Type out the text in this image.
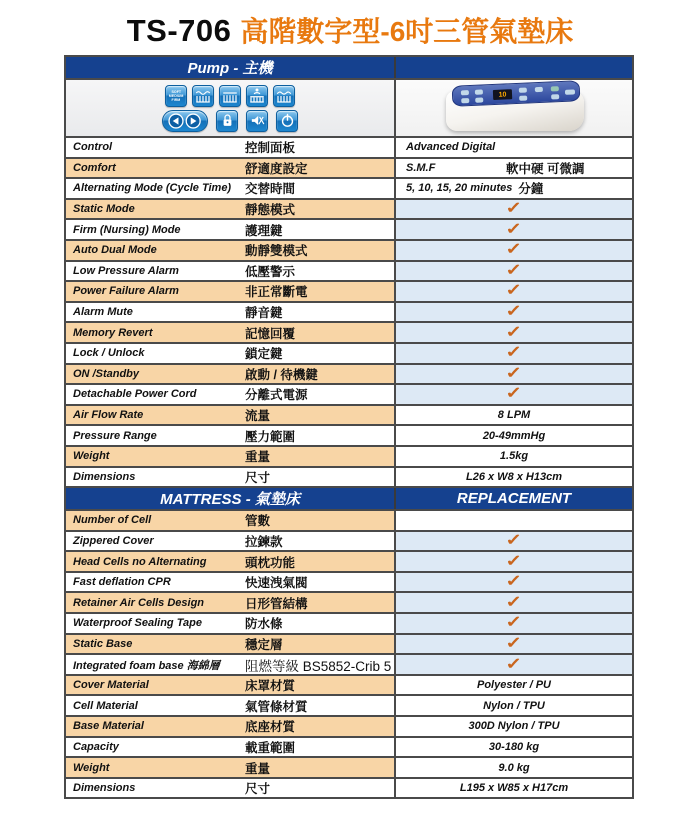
TS-706 高階數字型-6吋三管氣墊床
Pump - 主機
SOFT
MEDIUM
FIRM
10
Control	控制面板	Advanced Digital
Comfort	舒適度設定	S.M.F	軟中硬 可微調
Alternating Mode (Cycle Time)	交替時間	5, 10, 15, 20 minutes 分鐘
Static Mode	靜態模式	✓
Firm (Nursing) Mode	護理鍵	✓
Auto Dual Mode	動靜雙模式	✓
Low Pressure Alarm	低壓警示	✓
Power Failure Alarm	非正常斷電	✓
Alarm Mute	靜音鍵	✓
Memory Revert	記憶回覆	✓
Lock / Unlock	鎖定鍵	✓
ON /Standby	啟動 / 待機鍵	✓
Detachable Power Cord	分離式電源	✓
Air Flow Rate	流量	8 LPM
Pressure Range	壓力範圍	20-49mmHg
Weight	重量	1.5kg
Dimensions	尺寸	L26 x W8 x H13cm
MATTRESS - 氣墊床	REPLACEMENT
Number of Cell	管數
Zippered Cover	拉鍊款	✓
Head Cells no Alternating	頭枕功能	✓
Fast deflation CPR	快速洩氣閥	✓
Retainer Air Cells Design	日形管結構	✓
Waterproof Sealing Tape	防水條	✓
Static Base	穩定層	✓
Integrated foam base 海綿層	阻燃等級 BS5852-Crib 5	✓
Cover Material	床罩材質	Polyester / PU
Cell Material	氣管條材質	Nylon / TPU
Base Material	底座材質	300D Nylon / TPU
Capacity	載重範圍	30-180 kg
Weight	重量	9.0 kg
Dimensions	尺寸	L195 x W85 x H17cm
